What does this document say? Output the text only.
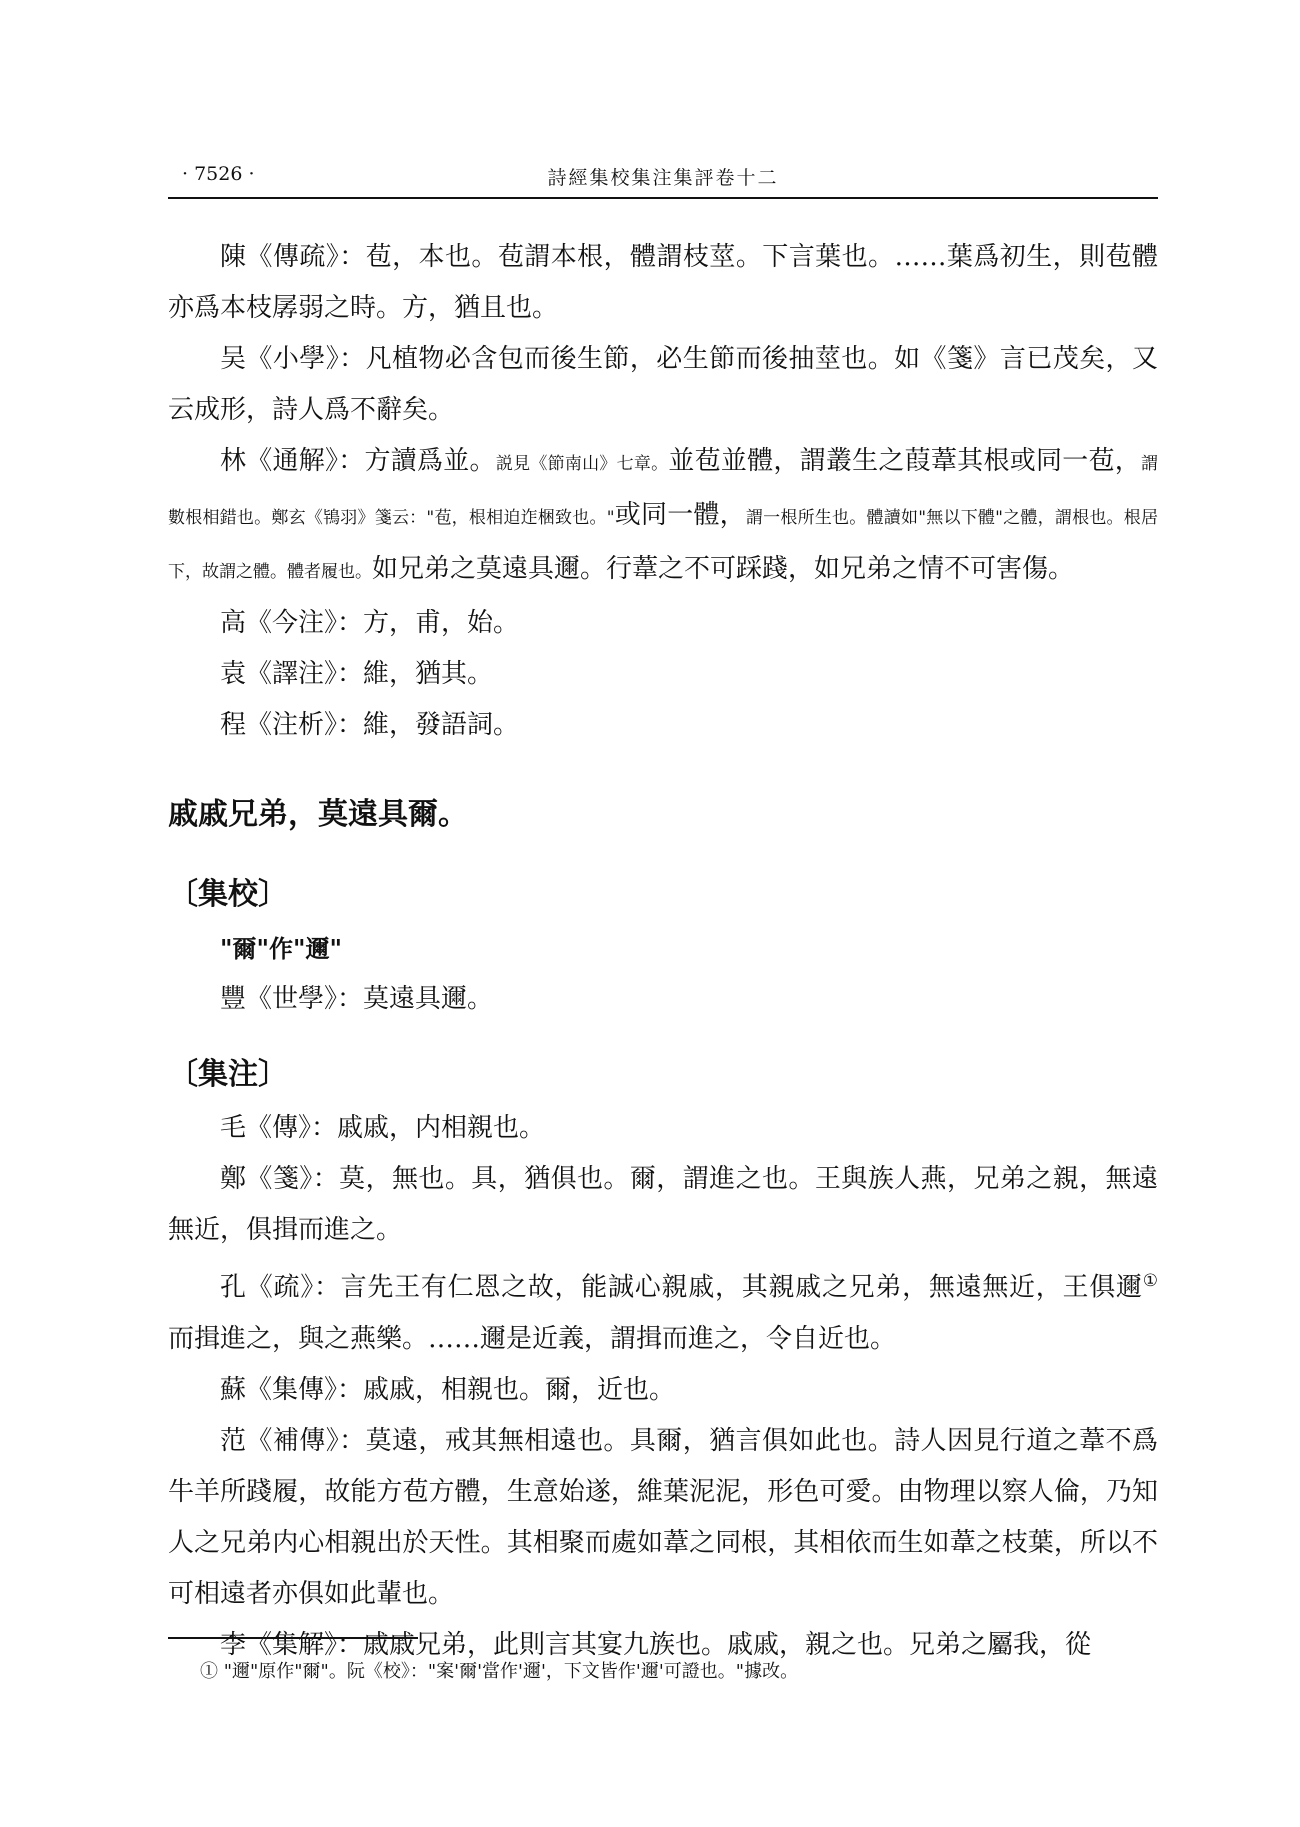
· 7526 ·	詩經集校集注集評卷十二

陳《傳疏》：苞，本也。苞謂本根，體謂枝莖。下言葉也。……葉爲初生，則苞體亦爲本枝孱弱之時。方，猶且也。

吴《小學》：凡植物必含包而後生節，必生節而後抽莖也。如《箋》言已茂矣，又云成形，詩人爲不辭矣。

林《通解》：方讀爲並。説見《節南山》七章。並苞並體，謂叢生之葭葦其根或同一苞，謂數根相錯也。鄭玄《鴇羽》箋云："苞，根相迫迮梱致也。"或同一體，謂一根所生也。體讀如"無以下體"之體，謂根也。根居下，故謂之體。體者履也。如兄弟之莫遠具邇。行葦之不可踩踐，如兄弟之情不可害傷。

高《今注》：方，甫，始。

袁《譯注》：維，猶其。

程《注析》：維，發語詞。

戚戚兄弟，莫遠具爾。

〔集校〕

"爾"作"邇"

豐《世學》：莫遠具邇。

〔集注〕

毛《傳》：戚戚，内相親也。

鄭《箋》：莫，無也。具，猶俱也。爾，謂進之也。王與族人燕，兄弟之親，無遠無近，俱揖而進之。

孔《疏》：言先王有仁恩之故，能誠心親戚，其親戚之兄弟，無遠無近，王俱邇①而揖進之，與之燕樂。……邇是近義，謂揖而進之，令自近也。

蘇《集傳》：戚戚，相親也。爾，近也。

范《補傳》：莫遠，戒其無相遠也。具爾，猶言俱如此也。詩人因見行道之葦不爲牛羊所踐履，故能方苞方體，生意始遂，維葉泥泥，形色可愛。由物理以察人倫，乃知人之兄弟内心相親出於天性。其相聚而處如葦之同根，其相依而生如葦之枝葉，所以不可相遠者亦俱如此輩也。

李《集解》：戚戚兄弟，此則言其宴九族也。戚戚，親之也。兄弟之屬我，從

① "邇"原作"爾"。阮《校》："案'爾'當作'邇'，下文皆作'邇'可證也。"據改。
